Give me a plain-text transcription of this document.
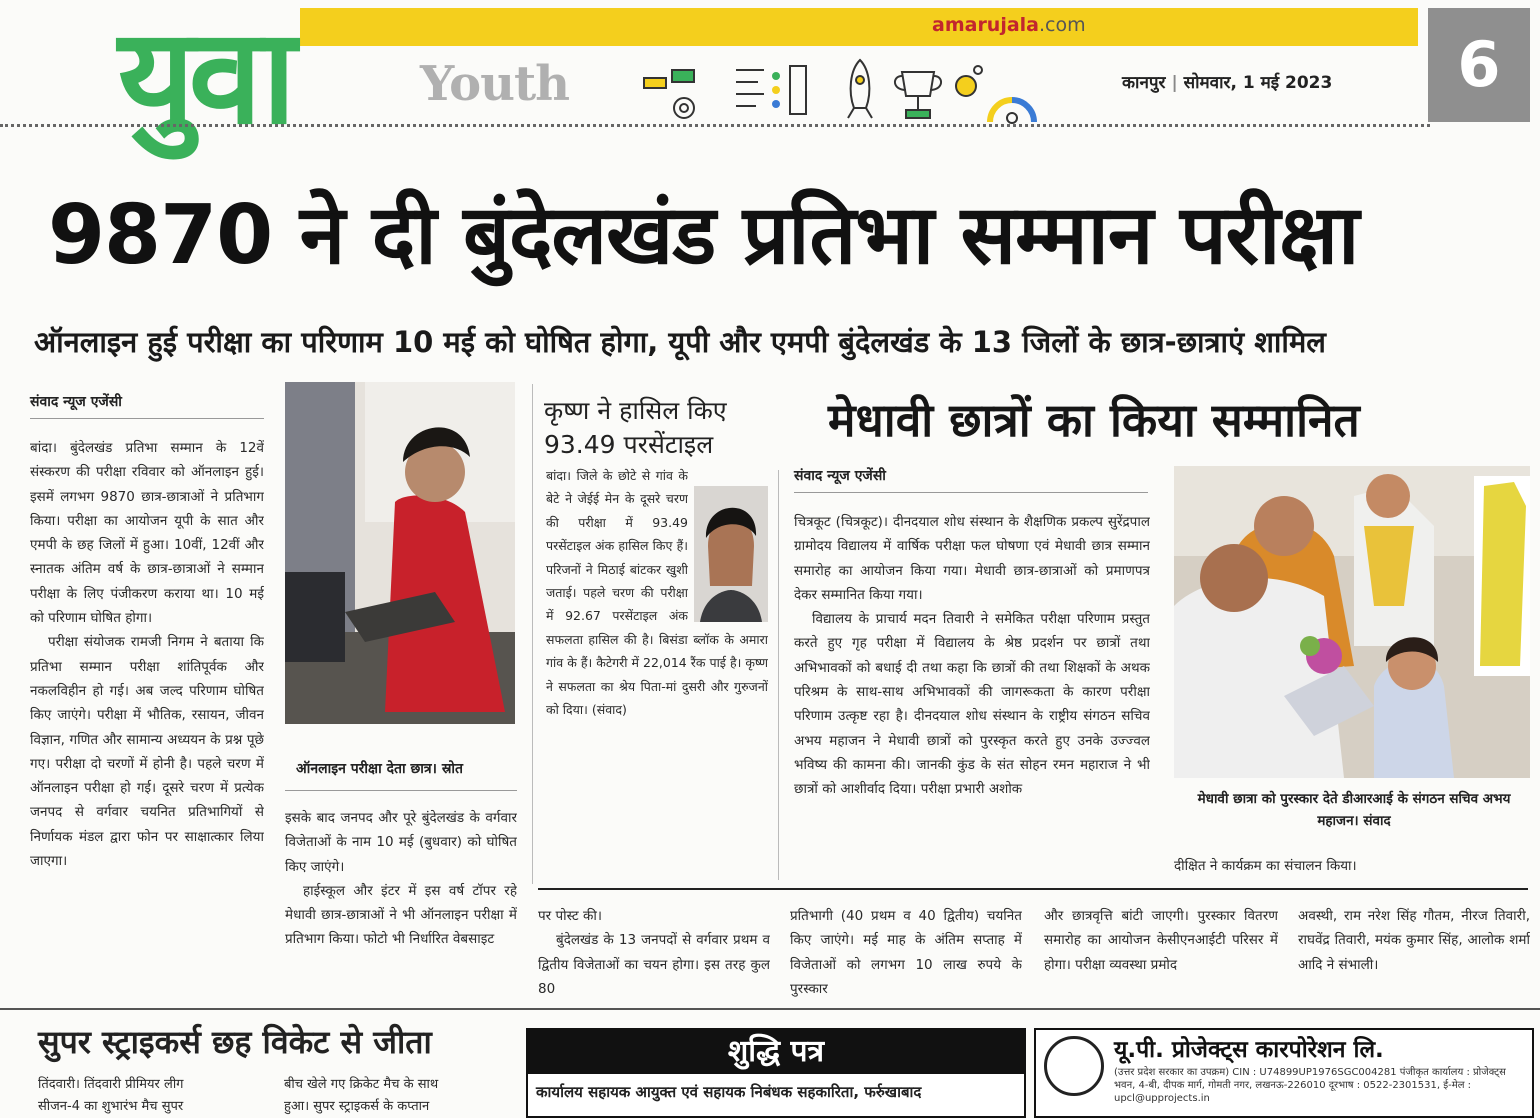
युवा	Youth
amarujala.com
कानपुर | सोमवार, 1 मई 2023	6
9870 ने दी बुंदेलखंड प्रतिभा सम्मान परीक्षा
ऑनलाइन हुई परीक्षा का परिणाम 10 मई को घोषित होगा, यूपी और एमपी बुंदेलखंड के 13 जिलों के छात्र-छात्राएं शामिल
संवाद न्यूज एजेंसी

बांदा। बुंदेलखंड प्रतिभा सम्मान के 12वें संस्करण की परीक्षा रविवार को ऑनलाइन हुई। इसमें लगभग 9870 छात्र-छात्राओं ने प्रतिभाग किया। परीक्षा का आयोजन यूपी के सात और एमपी के छह जिलों में हुआ। 10वीं, 12वीं और स्नातक अंतिम वर्ष के छात्र-छात्राओं ने सम्मान परीक्षा के लिए पंजीकरण कराया था। 10 मई को परिणाम घोषित होगा।

परीक्षा संयोजक रामजी निगम ने बताया कि प्रतिभा सम्मान परीक्षा शांतिपूर्वक और नकलविहीन हो गई। अब जल्द परिणाम घोषित किए जाएंगे। परीक्षा में भौतिक, रसायन, जीवन विज्ञान, गणित और सामान्य अध्ययन के प्रश्न पूछे गए। परीक्षा दो चरणों में होनी है। पहले चरण में ऑनलाइन परीक्षा हो गई। दूसरे चरण में प्रत्येक जनपद से वर्गवार चयनित प्रतिभागियों से निर्णायक मंडल द्वारा फोन पर साक्षात्कार लिया जाएगा।

ऑनलाइन परीक्षा देता छात्र। स्रोत

इसके बाद जनपद और पूरे बुंदेलखंड के वर्गवार विजेताओं के नाम 10 मई (बुधवार) को घोषित किए जाएंगे।

हाईस्कूल और इंटर में इस वर्ष टॉपर रहे मेधावी छात्र-छात्राओं ने भी ऑनलाइन परीक्षा में प्रतिभाग किया। फोटो भी निर्धारित वेबसाइट

कृष्ण ने हासिल किए 93.49 परसेंटाइल

बांदा। जिले के छोटे से गांव के बेटे ने जेईई मेन के दूसरे चरण की परीक्षा में 93.49 परसेंटाइल अंक हासिल किए हैं। परिजनों ने मिठाई बांटकर खुशी जताई। पहले चरण की परीक्षा में 92.67 परसेंटाइल अंक

सफलता हासिल की है। बिसंडा ब्लॉक के अमारा गांव के हैं। कैटेगरी में 22,014 रैंक पाई है। कृष्ण ने सफलता का श्रेय पिता-मां दुसरी और गुरुजनों को दिया। (संवाद)

मेधावी छात्रों का किया सम्मानित
संवाद न्यूज एजेंसी

चित्रकूट (चित्रकूट)। दीनदयाल शोध संस्थान के शैक्षणिक प्रकल्प सुरेंद्रपाल ग्रामोदय विद्यालय में वार्षिक परीक्षा फल घोषणा एवं मेधावी छात्र सम्मान समारोह का आयोजन किया गया। मेधावी छात्र-छात्राओं को प्रमाणपत्र देकर सम्मानित किया गया।

विद्यालय के प्राचार्य मदन तिवारी ने समेकित परीक्षा परिणाम प्रस्तुत करते हुए गृह परीक्षा में विद्यालय के श्रेष्ठ प्रदर्शन पर छात्रों तथा अभिभावकों को बधाई दी तथा कहा कि छात्रों की तथा शिक्षकों के अथक परिश्रम के साथ-साथ अभिभावकों की जागरूकता के कारण परीक्षा परिणाम उत्कृष्ट रहा है। दीनदयाल शोध संस्थान के राष्ट्रीय संगठन सचिव अभय महाजन ने मेधावी छात्रों को पुरस्कृत करते हुए उनके उज्ज्वल भविष्य की कामना की। जानकी कुंड के संत सोहन रमन महाराज ने भी छात्रों को आशीर्वाद दिया। परीक्षा प्रभारी अशोक

मेधावी छात्रा को पुरस्कार देते डीआरआई के संगठन सचिव अभय महाजन। संवाद

दीक्षित ने कार्यक्रम का संचालन किया।

पर पोस्ट की।

बुंदेलखंड के 13 जनपदों से वर्गवार प्रथम व द्वितीय विजेताओं का चयन होगा। इस तरह कुल 80

प्रतिभागी (40 प्रथम व 40 द्वितीय) चयनित किए जाएंगे। मई माह के अंतिम सप्ताह में विजेताओं को लगभग 10 लाख रुपये के पुरस्कार

और छात्रवृत्ति बांटी जाएगी। पुरस्कार वितरण समारोह का आयोजन केसीएनआईटी परिसर में होगा। परीक्षा व्यवस्था प्रमोद

अवस्थी, राम नरेश सिंह गौतम, नीरज तिवारी, राघवेंद्र तिवारी, मयंक कुमार सिंह, आलोक शर्मा आदि ने संभाली।

सुपर स्ट्राइकर्स छह विकेट से जीता

तिंदवारी। तिंदवारी प्रीमियर लीग

सीजन-4 का शुभारंभ मैच सुपर

बीच खेले गए क्रिकेट मैच के साथ

हुआ। सुपर स्ट्राइकर्स के कप्तान

शुद्धि पत्र
कार्यालय सहायक आयुक्त एवं सहायक निबंधक सहकारिता, फर्रुखाबाद
यू.पी. प्रोजेक्ट्स कारपोरेशन लि.
(उत्तर प्रदेश सरकार का उपक्रम) CIN : U74899UP1976SGC004281 पंजीकृत कार्यालय : प्रोजेक्ट्स भवन, 4-बी, दीपक मार्ग, गोमती नगर, लखनऊ-226010 दूरभाष : 0522-2301531, ई-मेल : upcl@upprojects.in
